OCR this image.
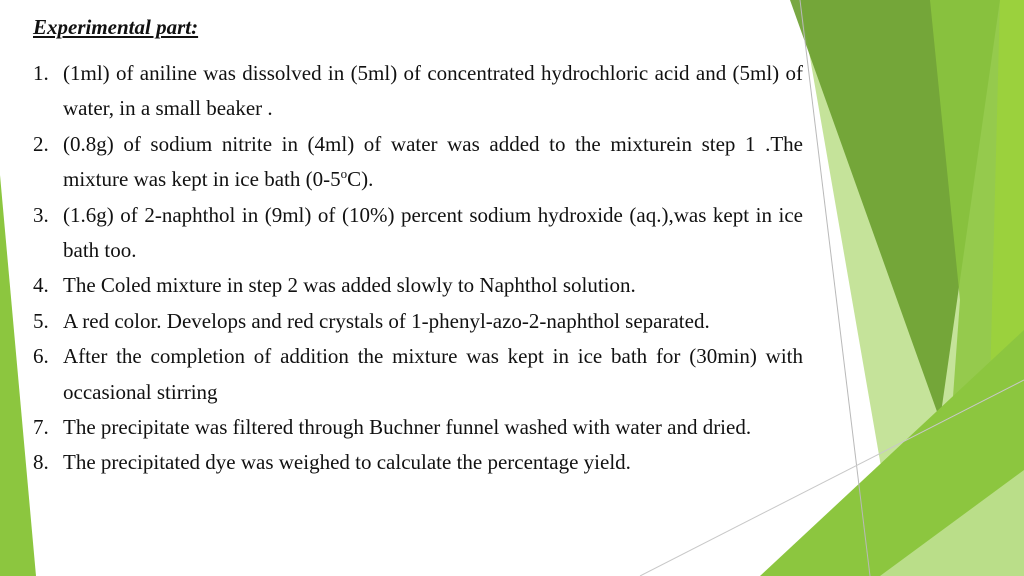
Experimental part:
1. (1ml) of aniline was dissolved in (5ml) of concentrated hydrochloric acid and (5ml) of water, in a small beaker .
2. (0.8g) of sodium nitrite in (4ml) of water was added to the mixturein step 1 .The mixture was kept in ice bath (0-5$^o$C).
3. (1.6g) of 2-naphthol in (9ml) of (10%) percent sodium hydroxide (aq.),was kept in ice bath too.
4. The Coled mixture in step 2 was added slowly to Naphthol solution.
5. A red color. Develops and red crystals of 1-phenyl-azo-2-naphthol separated.
6. After the completion of addition the mixture was kept in ice bath for (30min) with occasional stirring
7. The precipitate was filtered through Buchner funnel washed with water and dried.
8. The precipitated dye was weighed to calculate the percentage yield.
